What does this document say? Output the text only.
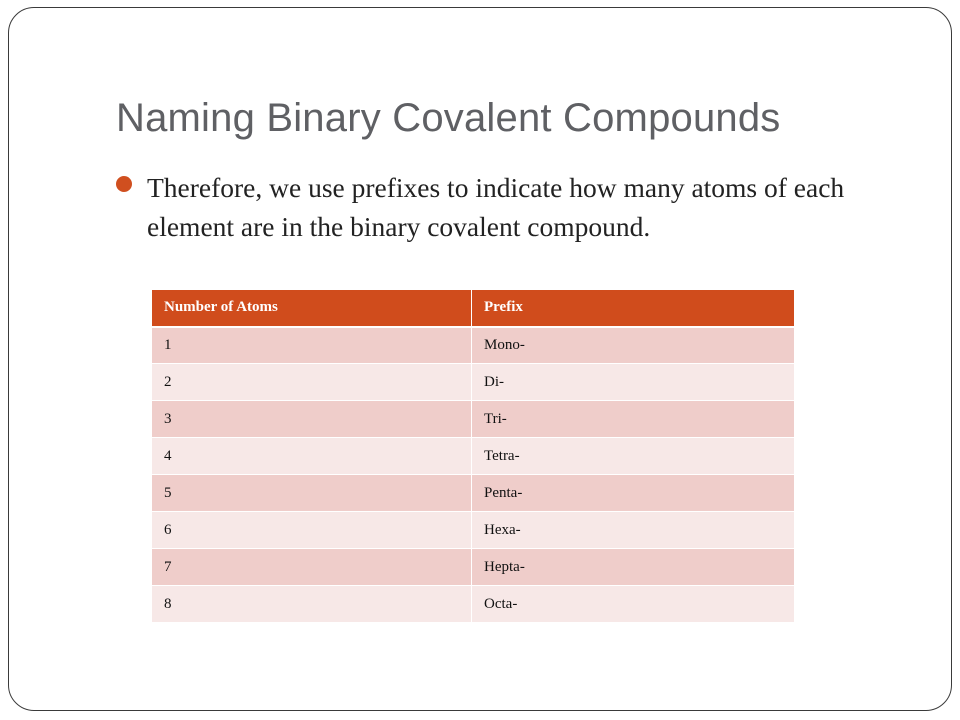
Naming Binary Covalent Compounds

Therefore, we use prefixes to indicate how many atoms of each element are in the binary covalent compound.

Number of Atoms	Prefix
1	Mono-
2	Di-
3	Tri-
4	Tetra-
5	Penta-
6	Hexa-
7	Hepta-
8	Octa-
